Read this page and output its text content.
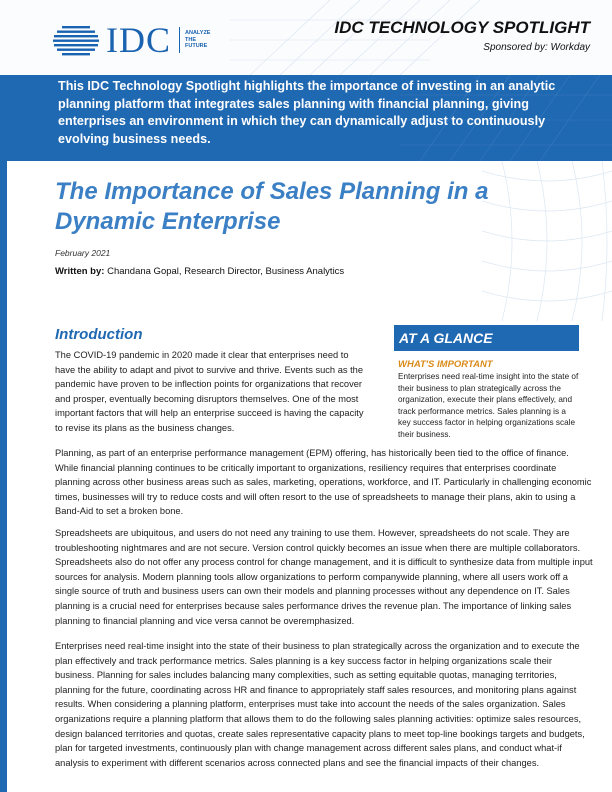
IDC	ANALYZE
THE
FUTURE
IDC TECHNOLOGY SPOTLIGHT
Sponsored by: Workday
This IDC Technology Spotlight highlights the importance of investing in an analytic planning platform that integrates sales planning with financial planning, giving enterprises an environment in which they can dynamically adjust to continuously evolving business needs.
The Importance of Sales Planning in a Dynamic Enterprise
February 2021
Written by: Chandana Gopal, Research Director, Business Analytics
Introduction

The COVID-19 pandemic in 2020 made it clear that enterprises need to have the ability to adapt and pivot to survive and thrive. Events such as the pandemic have proven to be inflection points for organizations that recover and prosper, eventually becoming disruptors themselves. One of the most important factors that will help an enterprise succeed is having the capacity to revise its plans as the business changes.

Planning, as part of an enterprise performance management (EPM) offering, has historically been tied to the office of finance. While financial planning continues to be critically important to organizations, resiliency requires that enterprises coordinate planning across other business areas such as sales, marketing, operations, workforce, and IT. Particularly in challenging economic times, businesses will try to reduce costs and will often resort to the use of spreadsheets to manage their plans, akin to using a Band-Aid to set a broken bone.

Spreadsheets are ubiquitous, and users do not need any training to use them. However, spreadsheets do not scale. They are troubleshooting nightmares and are not secure. Version control quickly becomes an issue when there are multiple collaborators. Spreadsheets also do not offer any process control for change management, and it is difficult to synthesize data from multiple input sources for analysis. Modern planning tools allow organizations to perform companywide planning, where all users work off a single source of truth and business users can own their models and planning processes without any dependence on IT. Sales planning is a crucial need for enterprises because sales performance drives the revenue plan. The importance of linking sales planning to financial planning and vice versa cannot be overemphasized.

Enterprises need real-time insight into the state of their business to plan strategically across the organization and to execute the plan effectively and track performance metrics. Sales planning is a key success factor in helping organizations scale their business. Planning for sales includes balancing many complexities, such as setting equitable quotas, managing territories, planning for the future, coordinating across HR and finance to appropriately staff sales resources, and monitoring plans against results. When considering a planning platform, enterprises must take into account the needs of the sales organization. Sales organizations require a planning platform that allows them to do the following sales planning activities: optimize sales resources, design balanced territories and quotas, create sales representative capacity plans to meet top-line bookings targets and budgets, plan for targeted investments, continuously plan with change management across different sales plans, and conduct what-if analysis to experiment with different scenarios across connected plans and see the financial impacts of their changes.

AT A GLANCE
WHAT'S IMPORTANT
Enterprises need real-time insight into the state of their business to plan strategically across the organization, execute their plans effectively, and track performance metrics. Sales planning is a key success factor in helping organizations scale their business.
